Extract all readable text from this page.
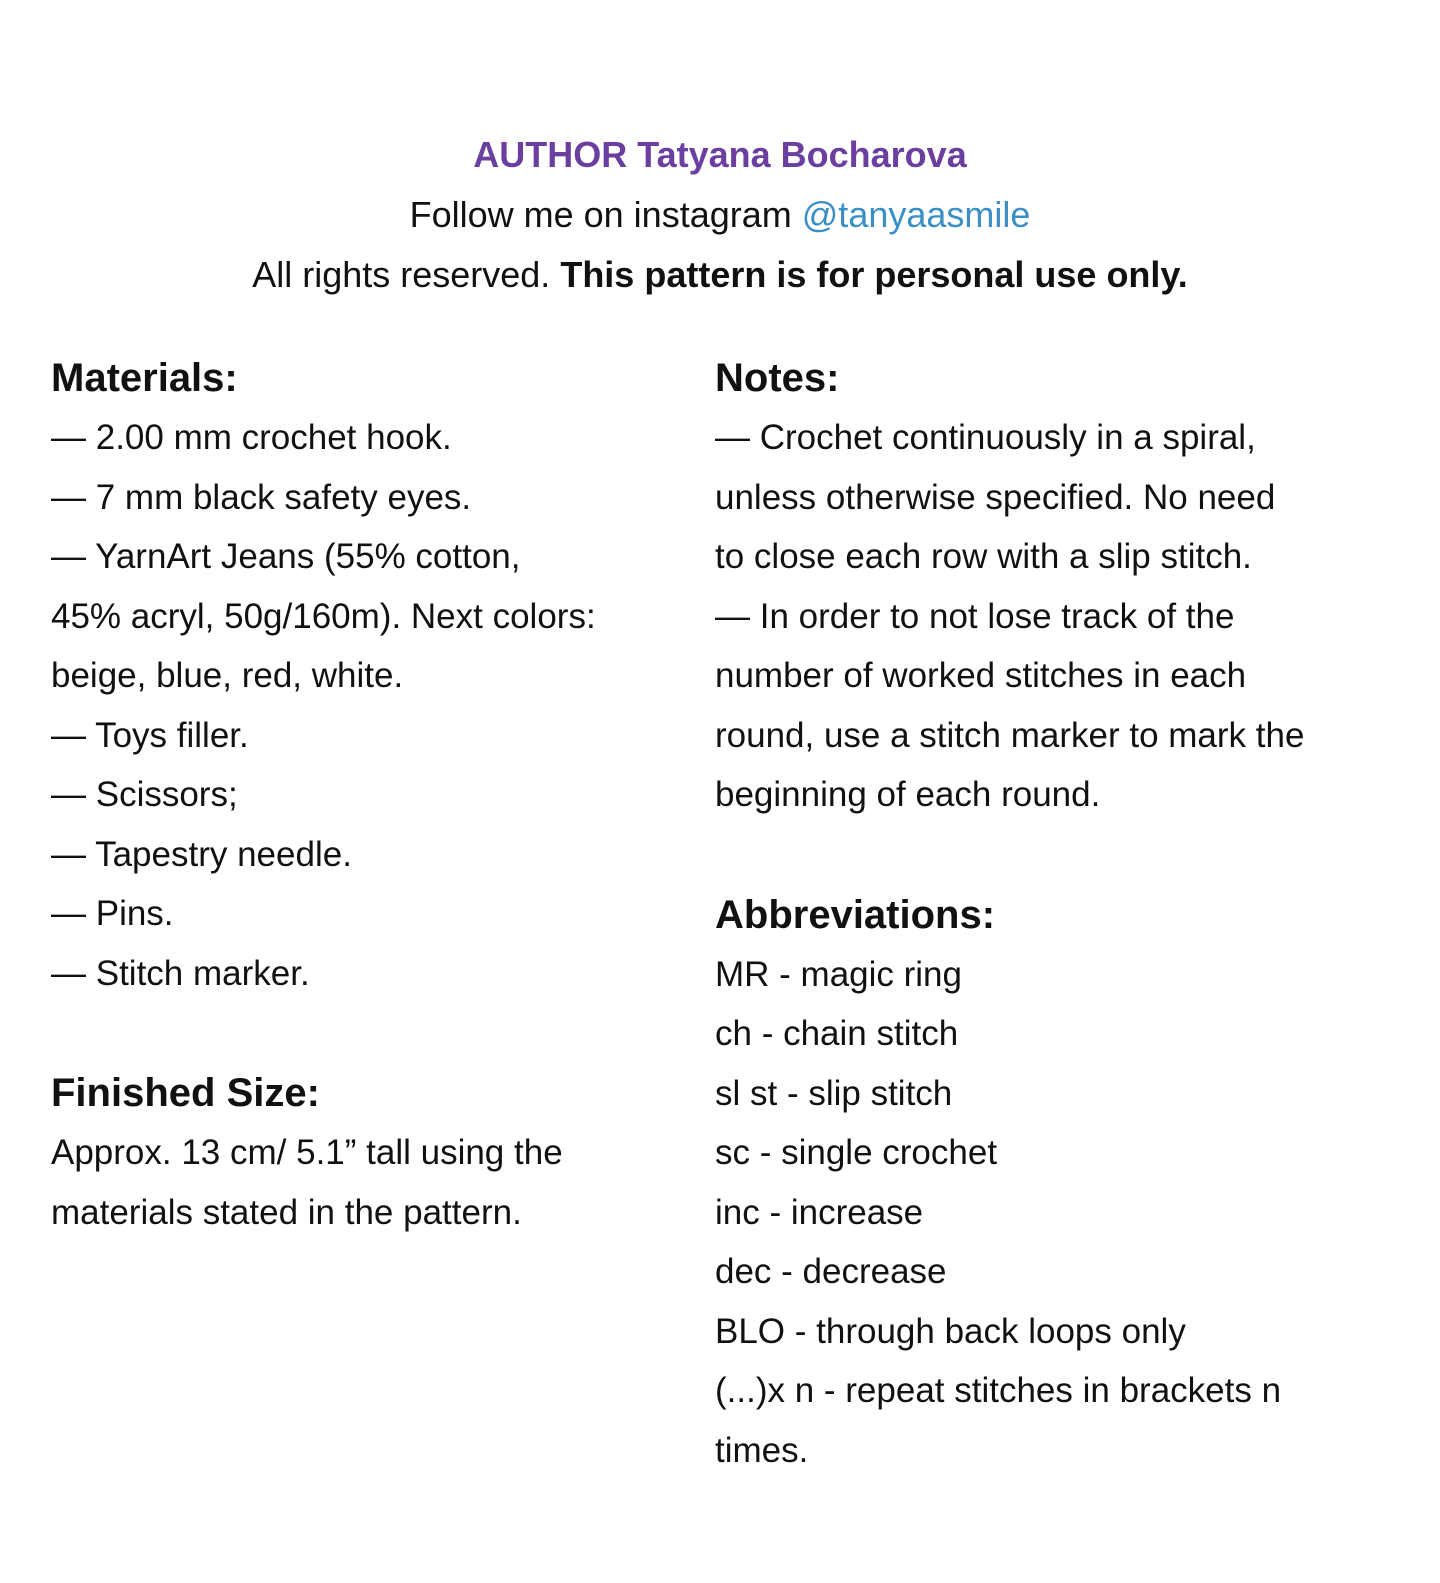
AUTHOR Tatyana Bocharova
Follow me on instagram @tanyaasmile
All rights reserved. This pattern is for personal use only.
Materials:
— 2.00 mm crochet hook.
— 7 mm black safety eyes.
— YarnArt Jeans (55% cotton,
45% acryl, 50g/160m). Next colors:
beige, blue, red, white.
— Toys filler.
— Scissors;
— Tapestry needle.
— Pins.
— Stitch marker.
Finished Size:
Approx. 13 cm/ 5.1” tall using the
materials stated in the pattern.
Notes:
— Crochet continuously in a spiral,
unless otherwise specified. No need
to close each row with a slip stitch.
— In order to not lose track of the
number of worked stitches in each
round, use a stitch marker to mark the
beginning of each round.
Abbreviations:
MR - magic ring
ch - chain stitch
sl st - slip stitch
sc - single crochet
inc - increase
dec - decrease
BLO - through back loops only
(...)x n - repeat stitches in brackets n
times.
